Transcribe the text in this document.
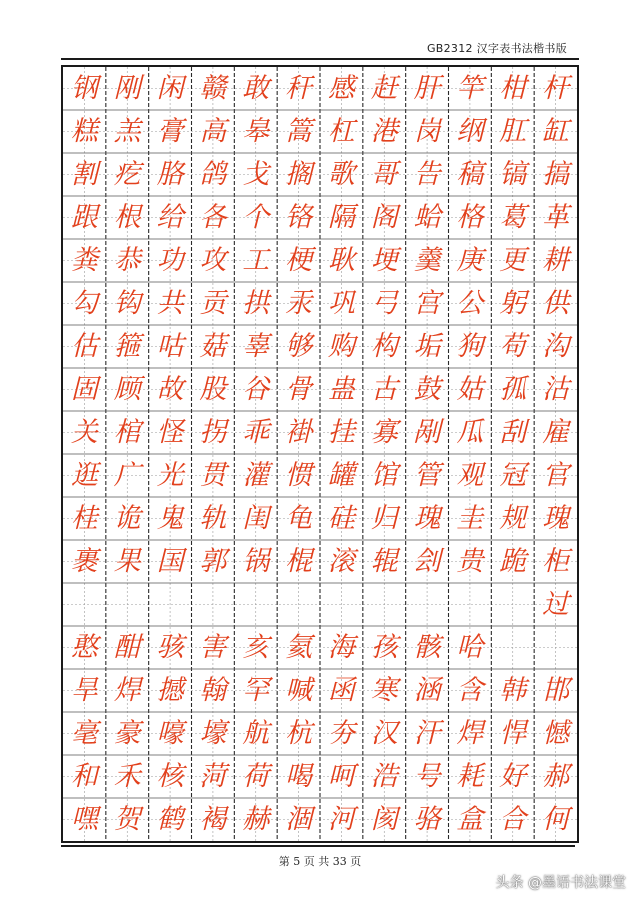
GB2312 汉字表书法楷书版
钢 刚 闲 赣 敢 秆 感 赶 肝 竿 柑 杆
糕 羔 膏 高 皋 篙 杠 港 岗 纲 肛 缸
割 疙 胳 鸽 戈 搁 歌 哥 告 稿 镐 搞
跟 根 给 各 个 铬 隔 阁 蛤 格 葛 革
粪 恭 功 攻 工 梗 耿 埂 羹 庚 更 耕
勾 钩 共 贡 拱 汞 巩 弓 宫 公 躬 供
估 箍 咕 菇 辜 够 购 构 垢 狗 苟 沟
固 顾 故 股 谷 骨 蛊 古 鼓 姑 孤 沽
关 棺 怪 拐 乖 褂 挂 寡 剐 瓜 刮 雇
逛 广 光 贯 灌 惯 罐 馆 管 观 冠 官
桂 诡 鬼 轨 闺 龟 硅 归 瑰 圭 规 瑰
裹 果 国 郭 锅 棍 滚 辊 刽 贵 跪 柜
过
憨 酣 骇 害 亥 氦 海 孩 骸 哈
旱 焊 撼 翰 罕 喊 函 寒 涵 含 韩 邯
毫 豪 嚎 壕 航 杭 夯 汉 汗 焊 悍 憾
和 禾 核 菏 荷 喝 呵 浩 号 耗 好 郝
嘿 贺 鹤 褐 赫 涸 河 阂 骆 盒 合 何
第 5 页 共 33 页
头条 @墨语书法课堂
